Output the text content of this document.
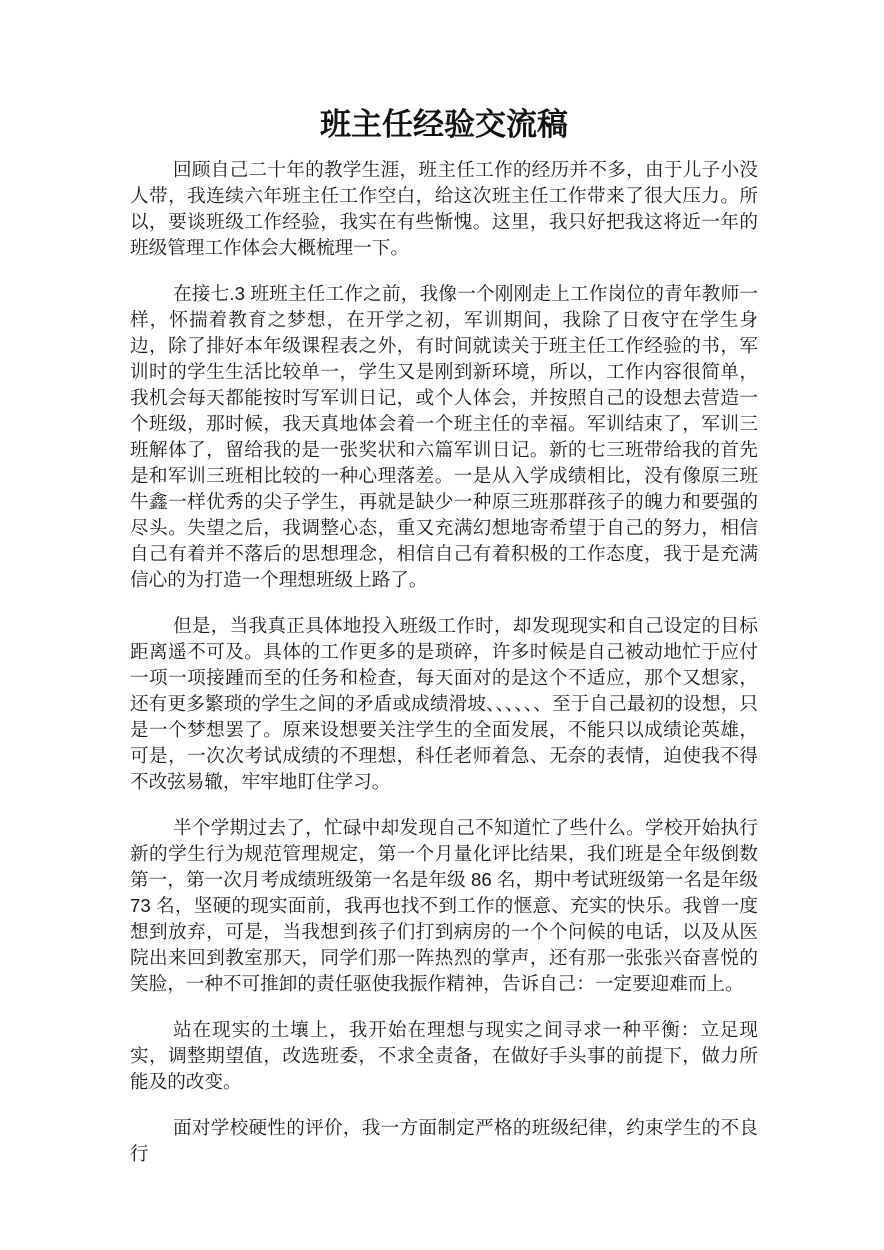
班主任经验交流稿

回顾自己二十年的教学生涯，班主任工作的经历并不多，由于儿子小没人带，我连续六年班主任工作空白，给这次班主任工作带来了很大压力。所以，要谈班级工作经验，我实在有些惭愧。这里，我只好把我这将近一年的班级管理工作体会大概梳理一下。

在接七.3 班班主任工作之前，我像一个刚刚走上工作岗位的青年教师一样，怀揣着教育之梦想，在开学之初，军训期间，我除了日夜守在学生身边，除了排好本年级课程表之外，有时间就读关于班主任工作经验的书，军训时的学生生活比较单一，学生又是刚到新环境，所以，工作内容很简单，我机会每天都能按时写军训日记，或个人体会，并按照自己的设想去营造一个班级，那时候，我天真地体会着一个班主任的幸福。军训结束了，军训三班解体了，留给我的是一张奖状和六篇军训日记。新的七三班带给我的首先是和军训三班相比较的一种心理落差。一是从入学成绩相比，没有像原三班牛鑫一样优秀的尖子学生，再就是缺少一种原三班那群孩子的魄力和要强的尽头。失望之后，我调整心态，重又充满幻想地寄希望于自己的努力，相信自己有着并不落后的思想理念，相信自己有着积极的工作态度，我于是充满信心的为打造一个理想班级上路了。

但是，当我真正具体地投入班级工作时，却发现现实和自己设定的目标距离遥不可及。具体的工作更多的是琐碎，许多时候是自己被动地忙于应付一项一项接踵而至的任务和检查，每天面对的是这个不适应，那个又想家，还有更多繁琐的学生之间的矛盾或成绩滑坡、、、、、、至于自己最初的设想，只是一个梦想罢了。原来设想要关注学生的全面发展，不能只以成绩论英雄，可是，一次次考试成绩的不理想，科任老师着急、无奈的表情，迫使我不得不改弦易辙，牢牢地盯住学习。

半个学期过去了，忙碌中却发现自己不知道忙了些什么。学校开始执行新的学生行为规范管理规定，第一个月量化评比结果，我们班是全年级倒数第一，第一次月考成绩班级第一名是年级 86 名，期中考试班级第一名是年级 73 名，坚硬的现实面前，我再也找不到工作的惬意、充实的快乐。我曾一度想到放弃，可是，当我想到孩子们打到病房的一个个问候的电话，以及从医院出来回到教室那天，同学们那一阵热烈的掌声，还有那一张张兴奋喜悦的笑脸，一种不可推卸的责任驱使我振作精神，告诉自己：一定要迎难而上。

站在现实的土壤上，我开始在理想与现实之间寻求一种平衡：立足现实，调整期望值，改选班委，不求全责备，在做好手头事的前提下，做力所能及的改变。

面对学校硬性的评价，我一方面制定严格的班级纪律，约束学生的不良行
